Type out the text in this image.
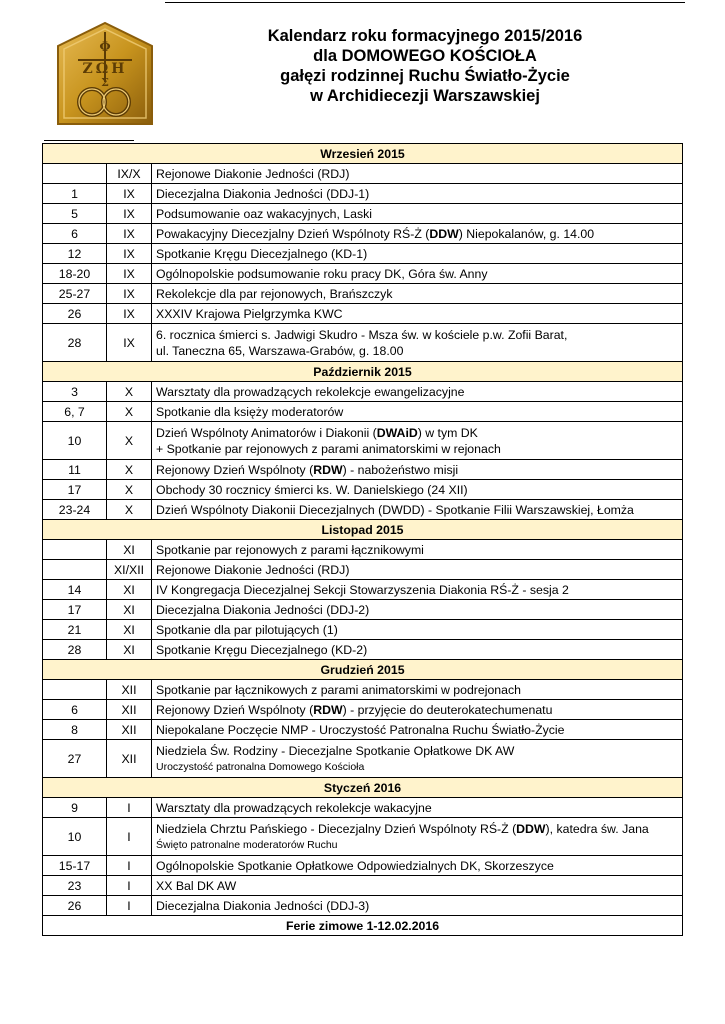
Φ
ΖΩΗ
Σ
Kalendarz roku formacyjnego 2015/2016
dla DOMOWEGO KOŚCIOŁA
gałęzi rodzinnej Ruchu Światło-Życie
w Archidiecezji Warszawskiej
Wrzesień 2015		
	IX/X	Rejonowe Diakonie Jedności (RDJ)

1	IX	Diecezjalna Diakonia Jedności (DDJ-1)

5	IX	Podsumowanie oaz wakacyjnych, Laski

6	IX	Powakacyjny Diecezjalny Dzień Wspólnoty RŚ-Ż (DDW) Niepokalanów, g. 14.00

12	IX	Spotkanie Kręgu Diecezjalnego (KD-1)

18-20	IX	Ogólnopolskie podsumowanie roku pracy DK, Góra św. Anny

25-27	IX	Rekolekcje dla par rejonowych, Brańszczyk

26	IX	XXXIV Krajowa Pielgrzymka KWC

28	IX	6. rocznica śmierci s. Jadwigi Skudro - Msza św. w kościele p.w. Zofii Barat,
ul. Taneczna 65, Warszawa-Grabów, g. 18.00

Październik 2015		
3	X	Warsztaty dla prowadzących rekolekcje ewangelizacyjne

6, 7	X	Spotkanie dla księży moderatorów

10	X	Dzień Wspólnoty Animatorów i Diakonii (DWAiD) w tym DK
+ Spotkanie par rejonowych z parami animatorskimi w rejonach

11	X	Rejonowy Dzień Wspólnoty (RDW) - nabożeństwo misji

17	X	Obchody 30 rocznicy śmierci ks. W. Danielskiego (24 XII)

23-24	X	Dzień Wspólnoty Diakonii Diecezjalnych (DWDD) - Spotkanie Filii Warszawskiej, Łomża

Listopad 2015		
	XI	Spotkanie par rejonowych z parami łącznikowymi

	XI/XII	Rejonowe Diakonie Jedności (RDJ)

14	XI	IV Kongregacja Diecezjalnej Sekcji Stowarzyszenia Diakonia RŚ-Ż - sesja 2

17	XI	Diecezjalna Diakonia Jedności (DDJ-2)

21	XI	Spotkanie dla par pilotujących (1)

28	XI	Spotkanie Kręgu Diecezjalnego (KD-2)

Grudzień 2015		
	XII	Spotkanie par łącznikowych z parami animatorskimi w podrejonach

6	XII	Rejonowy Dzień Wspólnoty (RDW) - przyjęcie do deuterokatechumenatu

8	XII	Niepokalane Poczęcie NMP - Uroczystość Patronalna Ruchu Światło-Życie

27	XII	Niedziela Św. Rodziny - Diecezjalne Spotkanie Opłatkowe DK AW
Uroczystość patronalna Domowego Kościoła

Styczeń 2016		
9	I	Warsztaty dla prowadzących rekolekcje wakacyjne

10	I	Niedziela Chrztu Pańskiego - Diecezjalny Dzień Wspólnoty RŚ-Ż (DDW), katedra św. Jana
Święto patronalne moderatorów Ruchu

15-17	I	Ogólnopolskie Spotkanie Opłatkowe Odpowiedzialnych DK, Skorzeszyce

23	I	XX Bal DK AW

26	I	Diecezjalna Diakonia Jedności (DDJ-3)

Ferie zimowe 1-12.02.2016		
